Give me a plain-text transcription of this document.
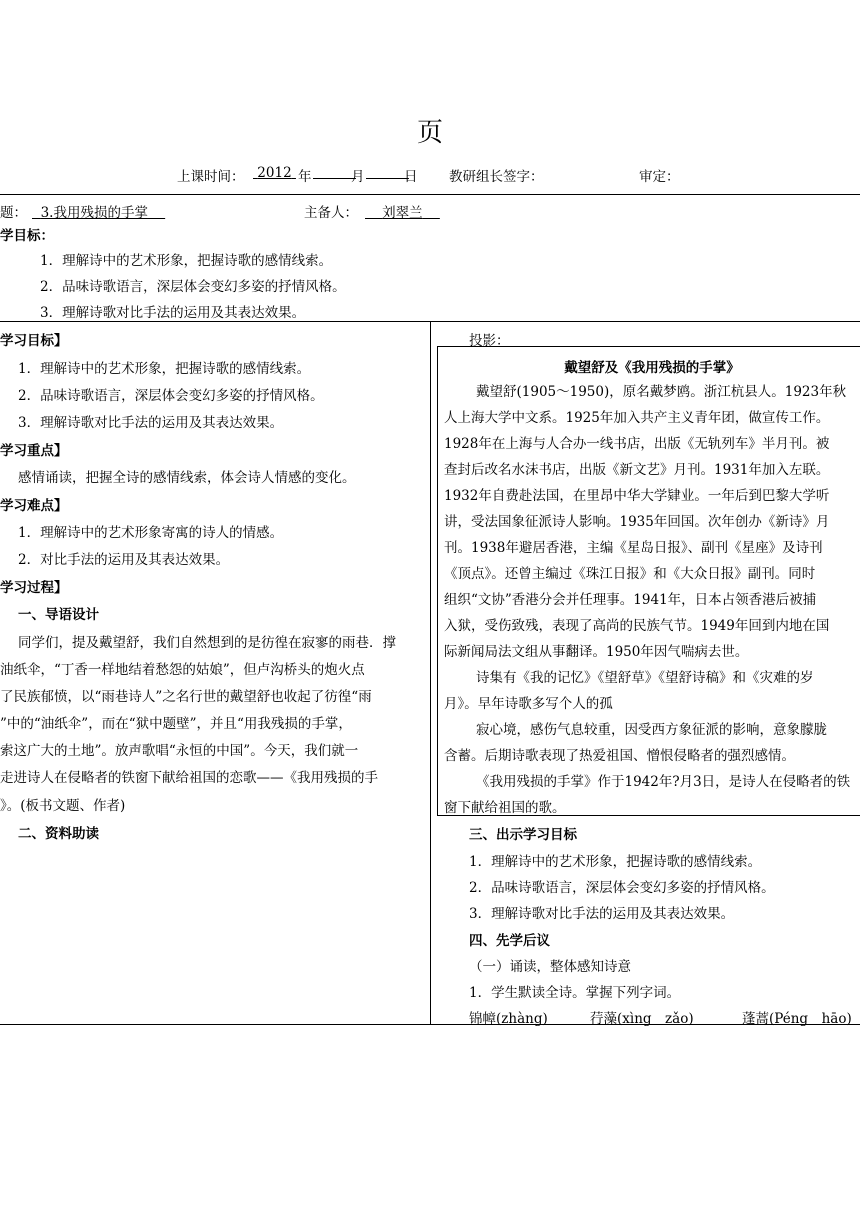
页
上课时间： 2012 年
	月
	日 教研组长签字：	审定：
题：	3.我用残损的手掌	主备人：	刘翠兰
学目标：
1．理解诗中的艺术形象，把握诗歌的感情线索。
2．品味诗歌语言，深层体会变幻多姿的抒情风格。
3．理解诗歌对比手法的运用及其表达效果。
学习目标】
1．理解诗中的艺术形象，把握诗歌的感情线索。
2．品味诗歌语言，深层体会变幻多姿的抒情风格。
3．理解诗歌对比手法的运用及其表达效果。
学习重点】
感情诵读，把握全诗的感情线索，体会诗人情感的变化。
学习难点】
1．理解诗中的艺术形象寄寓的诗人的情感。
2．对比手法的运用及其表达效果。
学习过程】
一、导语设计
同学们，提及戴望舒，我们自然想到的是彷徨在寂寥的雨巷．撑
油纸伞，“丁香一样地结着愁怨的姑娘”，但卢沟桥头的炮火点
了民族郁愤，以“雨巷诗人”之名行世的戴望舒也收起了彷徨“雨
”中的“油纸伞”，而在“狱中题壁”，并且“用我残损的手掌，
索这广大的土地”。放声歌唱“永恒的中国”。今天，我们就一
走进诗人在侵略者的铁窗下献给祖国的恋歌——《我用残损的手
》。(板书文题、作者)
二、资料助读
投影：
戴望舒及《我用残损的手掌》
戴望舒(1905～1950)，原名戴梦鸥。浙江杭县人。1923年秋
人上海大学中文系。1925年加入共产主义青年团，做宣传工作。
1928年在上海与人合办一线书店，出版《无轨列车》半月刊。被
查封后改名水沫书店，出版《新文艺》月刊。1931年加入左联。
1932年自费赴法国，在里昂中华大学肄业。一年后到巴黎大学听
讲，受法国象征派诗人影响。1935年回国。次年创办《新诗》月
刊。1938年避居香港，主编《星岛日报》、副刊《星座》及诗刊
《顶点》。还曾主编过《珠江日报》和《大众日报》副刊。同时
组织“文协”香港分会并任理事。1941年，日本占领香港后被捕
入狱，受伤致残，表现了高尚的民族气节。1949年回到内地在国
际新闻局法文组从事翻译。1950年因气喘病去世。
诗集有《我的记忆》《望舒草》《望舒诗稿》和《灾难的岁
月》。早年诗歌多写个人的孤
寂心境，感伤气息较重，因受西方象征派的影响，意象朦胧
含蓄。后期诗歌表现了热爱祖国、憎恨侵略者的强烈感情。
《我用残损的手掌》作于1942年?月3日，是诗人在侵略者的铁
窗下献给祖国的歌。
三、出示学习目标
1．理解诗中的艺术形象，把握诗歌的感情线索。
2．品味诗歌语言，深层体会变幻多姿的抒情风格。
3．理解诗歌对比手法的运用及其表达效果。
四、先学后议
（一）诵读，整体感知诗意
1．学生默读全诗。掌握下列字词。
锦幛(zhàng)	荇藻(xìng　zǎo)	蓬蒿(Péng　hāo)
